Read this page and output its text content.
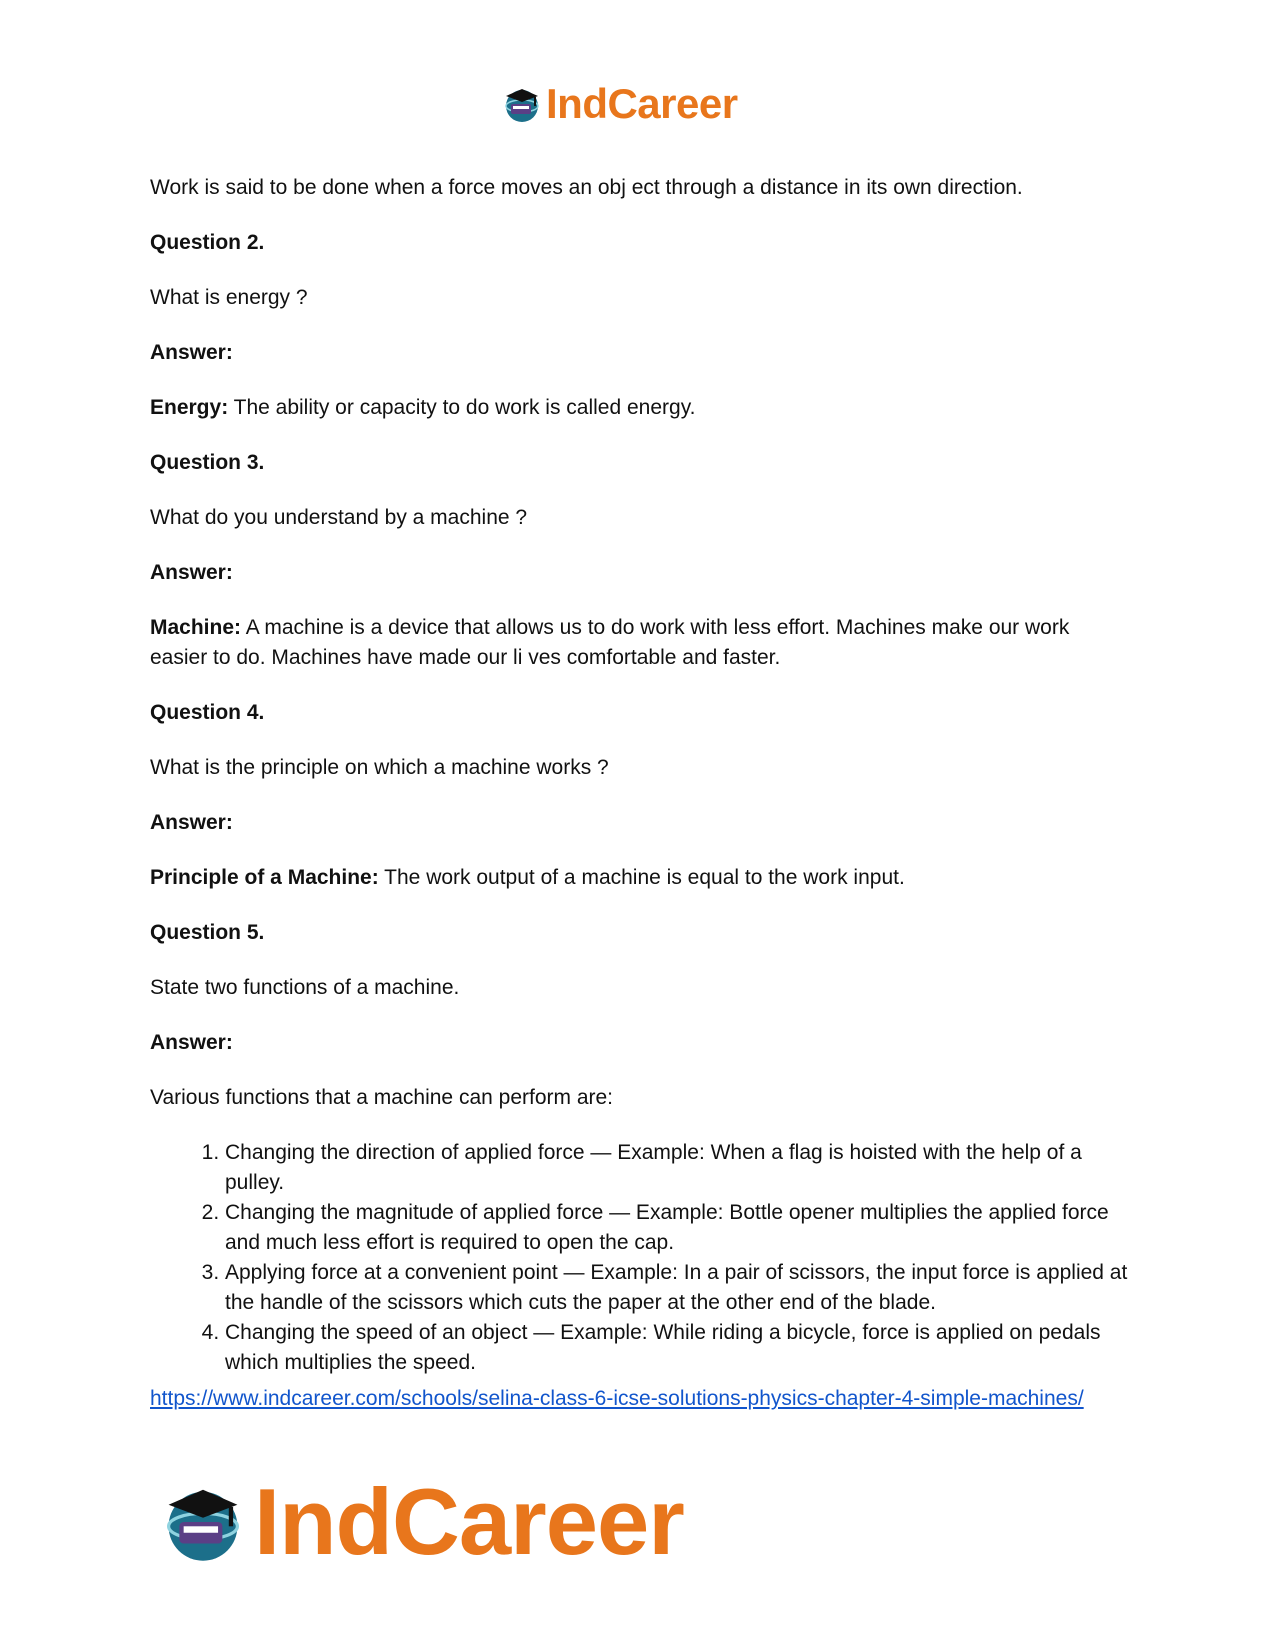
IndCareer

Work is said to be done when a force moves an obj ect through a distance in its own direction.

Question 2.

What is energy ?

Answer:

Energy: The ability or capacity to do work is called energy.

Question 3.

What do you understand by a machine ?

Answer:

Machine: A machine is a device that allows us to do work with less effort. Machines make our work easier to do. Machines have made our li ves comfortable and faster.

Question 4.

What is the principle on which a machine works ?

Answer:

Principle of a Machine: The work output of a machine is equal to the work input.

Question 5.

State two functions of a machine.

Answer:

Various functions that a machine can perform are:

1. Changing the direction of applied force — Example: When a flag is hoisted with the help of a pulley.
2. Changing the magnitude of applied force — Example: Bottle opener multiplies the applied force and much less effort is required to open the cap.
3. Applying force at a convenient point — Example: In a pair of scissors, the input force is applied at the handle of the scissors which cuts the paper at the other end of the blade.
4. Changing the speed of an object — Example: While riding a bicycle, force is applied on pedals which multiplies the speed.
https://www.indcareer.com/schools/selina-class-6-icse-solutions-physics-chapter-4-simple-machines/
IndCareer
